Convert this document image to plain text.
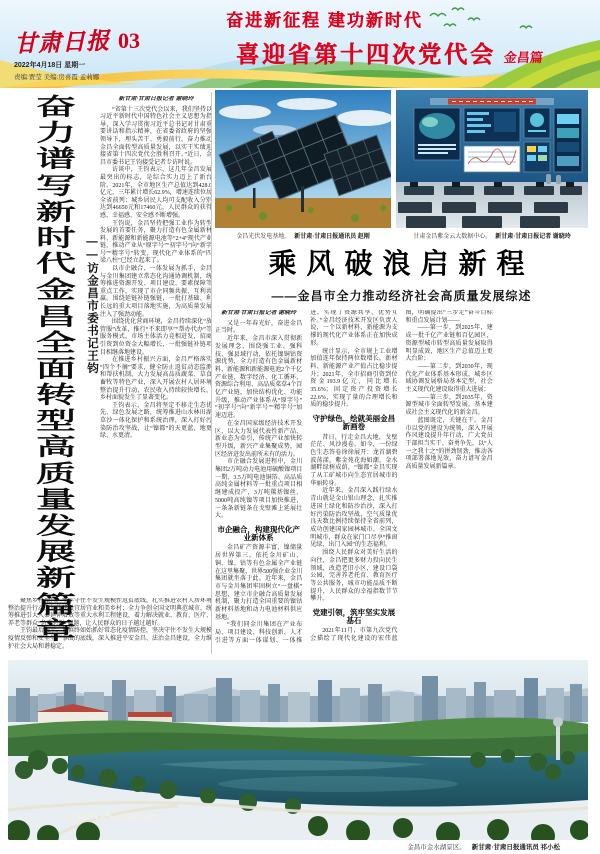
甘肃日报 03
2022年4月18日 星期一
责编:贾莹 美编:房喜霞 孟莉娜
奋进新征程 建功新时代
喜迎省第十四次党代会 金昌篇
奋
力
谱
写
新
时
代
金
昌
全
面
转
型
高
质
量
发
展
新
篇
章
——访金昌市委书记王钧

新甘肃·甘肃日报记者 谢晓玲

“省第十三次党代会以来，我们坚持以习近平新时代中国特色社会主义思想为指导，深入学习贯彻习近平总书记对甘肃重要讲话和指示精神，在省委省政府的坚强领导下，埋头苦干、勇毅前行，奋力推动金昌全面转型高质量发展，以实干实绩迎接省第十四次党代会胜利召开。”近日，金昌市委书记王钧接受记者专访时说。

访谈中，王钧表示，这几年金昌发展最突出的标志，是综合实力迈上了新台阶。2021年，全市地区生产总值达到428.0亿元，三年累计增长62.9%，增速连续位居全省前列；城乡居民人均可支配收入分别达到46650元和17460元，人民群众的获得感、幸福感、安全感不断增强。

王钧说，金昌坚持把强工业作为转型发展的首要任务，聚力打造有色金属新材料、新能源和新能源电池等“2+4”现代产业链，推动产业从“原字号”“初字号”向“新字号”“精字号”转变，现代化产业体系的“四梁八柱”已经立起来了。

以市企融合、一体发展为抓手，金昌与金川集团建立常态化沟通协调机制，统筹推进资源开发、项目建设、要素保障等重点工作，实现了市企同频共振、互利共赢。围绕延链补链强链，一批打基础、利长远的重大项目落地实施，为高质量发展注入了强劲动能。

围绕优化营商环境，金昌持续深化“放管服”改革，推行“不来即享”“帮办代办”等服务模式，市场主体活力竞相迸发，招商引资到位资金大幅增长，一批强链补链项目相继落地建设。

在推进乡村振兴方面，金昌严格落实“四个不摘”要求，健全防止返贫动态监测和帮扶机制，大力发展高品质蔬菜、草食畜牧等特色产业，深入开展农村人居环境整治提升行动，农民收入持续较快增长，乡村面貌发生了显著变化。

王钧表示，金昌将坚定不移走生态优先、绿色发展之路，统筹推进山水林田湖草沙一体化保护和系统治理，深入打好污染防治攻坚战，让“镍都”的天更蓝、地更绿、水更清。

聚焦乡村振兴，牢牢守住不发生规模性返贫底线，扎实推进农村人居环境整治提升行动，加快建设宜居宜业和美乡村；全力争创全国文明典范城市，统筹推进引大入秦延伸增效等重大水利工程建设，着力解决就业、教育、医疗、养老等群众“急难愁盼”问题，让人民群众的日子越过越好。

王钧最后表示，将慎终如始抓好常态化疫情防控，坚决守住不发生大规模疫情反弹和安全生产事故的底线，深入推进平安金昌、法治金昌建设，全力维护社会大局和谐稳定。

金昌光伏发电基地。 新甘肃·甘肃日报通讯员 赵刚	甘肃金昌紫金云大数据中心。 新甘肃·甘肃日报记者 谢晓玲
乘风破浪启新程
——金昌市全力推动经济社会高质量发展综述

新甘肃·甘肃日报记者 谢晓玲

又是一年春光好，奋进金昌正当时。

近年来，金昌市深入贯彻新发展理念，围绕强工业、强科技、强县域行动，依托镍铜钴资源优势，全力打造有色金属新材料、新能源和新能源电池2个千亿产业链，数字经济、化工循环、资源综合利用、高品质菜草4个百亿产业链，加快结构优化、功能升级，推动产业体系从“原字号”“初字号”向“新字号”“精字号”加速迈进。

在金昌国家级经济技术开发区，以大力发展代表性新产品、新业态为牵引，传统产业加快转型升级，新兴产业集聚成势，园区经济迸发出前所未有的活力。

市企融合发展进程中，金川集团2万吨动力电池用硫酸镍项目一期、3.5万吨电池铜箔、高品质高纯金属材料等一批重点项目相继建成投产，3万吨羰基镍丝、5000吨高纯镍等项目加快推进，一条条新链条在戈壁滩上延展壮大。

市企融合，构建现代化产业新体系

金昌矿产资源丰富，镍储量居世界第三。依托金川矿山，铜、镍、钴等有色金属全产业链在这里集聚，世界500强企业金川集团就坐落于此。近年来，金昌市与金川集团牢固树立“一盘棋”思想，建立市企融合高质量发展机制，聚力打造全国重要的镍钴新材料基地和动力电池材料供应基地。

“我们同金川集团在产业布局、项目建设、科技创新、人才引进等方面一体谋划、一体推进，实现了资源共享、优势互补。”金昌经济技术开发区负责人说，一个以新材料、新能源为支撑的现代化产业体系正在加快成形。

统计显示，全市规上工业增加值连年保持两位数增长，新材料、新能源产业产值占比稳步提升；2021年，全市招商引资到位资金193.9亿元，同比增长35.6%；固定资产投资增长22.6%，实现了量的合理增长和质的稳步提升。

守护绿色，绘就美丽金昌新画卷

昔日，行走金昌大地，戈壁茫茫、风沙漫卷。如今，一份绿色生态答卷徐徐展开：龙首湖碧波荡漾，紫金苑花海如潮，金水湖畔绿树成荫，“镍都”金昌实现了从工矿城市向生态宜居城市的华丽转身。

近年来，金昌深入践行绿水青山就是金山银山理念，扎实推进国土绿化和防沙治沙，深入打好污染防治攻坚战，空气质量优良天数比例持续保持全省前列，成功创建国家园林城市、全国文明城市，群众在家门口尽享“推窗见绿、出门入园”的生态福利。

围绕人民群众对美好生活的向往，金昌把更多财力投向民生领域，改造老旧小区，建设口袋公园，完善养老托育、教育医疗等公共服务，城市功能品质不断提升，人民群众的幸福指数节节攀升。

党建引领，筑牢坚实发展基石

2021年11月，市第九次党代会描绘了现代化建设的宏伟蓝图，明确提出“三步走”奋斗目标和重点发展计划——

——第一步，到2025年，建成一批千亿产业链和百亿园区，资源型城市转型高质量发展取得明显成效，地区生产总值迈上更大台阶；

——第二步，到2030年，现代化产业体系基本形成，城乡区域协调发展格局基本定型，社会主义现代化建设取得重大进展；

——第三步，到2035年，资源型城市全面转型发展，基本建成社会主义现代化的新金昌。

蓝图既定，关键在干。金昌市以党的建设为统领，深入开展作风建设提升年行动，广大党员干部担当实干、奋勇争先，以“人一之我十之”的拼劲韧劲，推动各项部署落地见效，奋力谱写金昌高质量发展新篇章。

金昌市金水湖景区。 新甘肃·甘肃日报通讯员 祁小松
